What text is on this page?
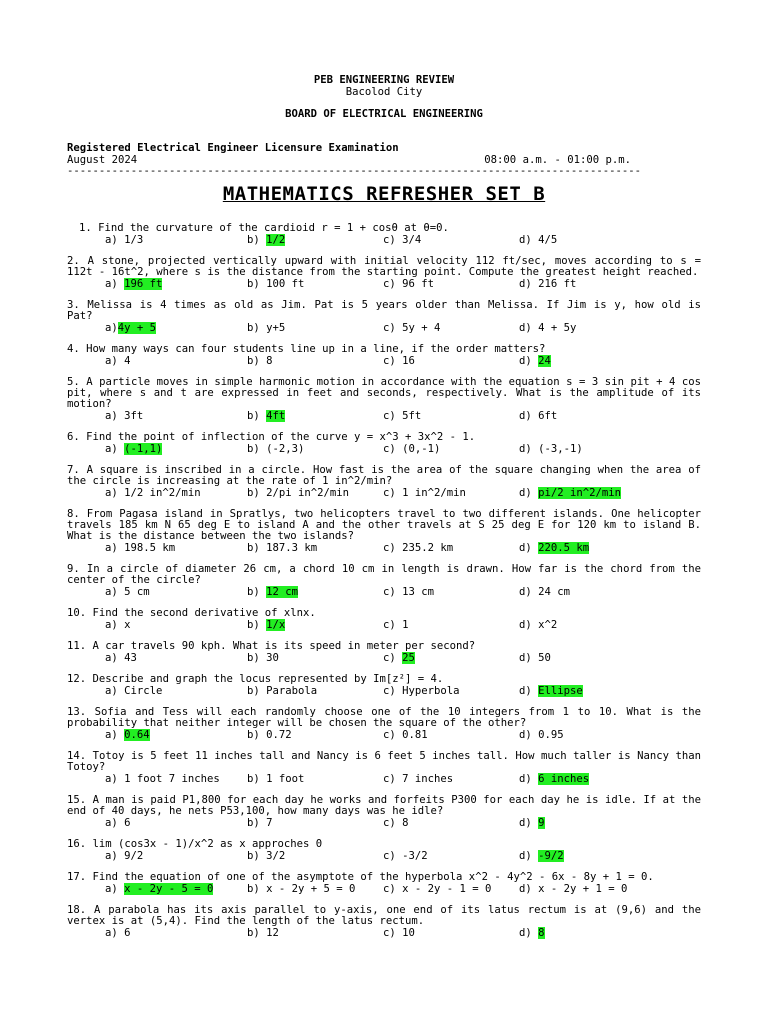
PEB ENGINEERING REVIEW
Bacolod City
BOARD OF ELECTRICAL ENGINEERING
Registered Electrical Engineer Licensure Examination
August 2024	08:00 a.m. - 01:00 p.m.
------------------------------------------------------------------------------------------
MATHEMATICS REFRESHER SET B
1. Find the curvature of the cardioid r = 1 + cosθ at θ=0.
a) 1/3	b) 1/2	c) 3/4	d) 4/5
2. A stone, projected vertically upward with initial velocity 112 ft/sec, moves according to s = 112t - 16t^2, where s is the distance from the starting point. Compute the greatest height reached.
a) 196 ft	b) 100 ft	c) 96 ft	d) 216 ft
3. Melissa is 4 times as old as Jim. Pat is 5 years older than Melissa. If Jim is y, how old is Pat?
a)4y + 5	b) y+5	c) 5y + 4	d) 4 + 5y
4. How many ways can four students line up in a line, if the order matters?
a) 4	b) 8	c) 16	d) 24
5. A particle moves in simple harmonic motion in accordance with the equation s = 3 sin pit + 4 cos pit, where s and t are expressed in feet and seconds, respectively. What is the amplitude of its motion?
a) 3ft	b) 4ft	c) 5ft	d) 6ft
6. Find the point of inflection of the curve y = x^3 + 3x^2 - 1.
a) (-1,1)	b) (-2,3)	c) (0,-1)	d) (-3,-1)
7. A square is inscribed in a circle. How fast is the area of the square changing when the area of the circle is increasing at the rate of 1 in^2/min?
a) 1/2 in^2/min	b) 2/pi in^2/min	c) 1 in^2/min	d) pi/2 in^2/min
8. From Pagasa island in Spratlys, two helicopters travel to two different islands. One helicopter travels 185 km N 65 deg E to island A and the other travels at S 25 deg E for 120 km to island B. What is the distance between the two islands?
a) 198.5 km	b) 187.3 km	c) 235.2 km	d) 220.5 km
9. In a circle of diameter 26 cm, a chord 10 cm in length is drawn. How far is the chord from the center of the circle?
a) 5 cm	b) 12 cm	c) 13 cm	d) 24 cm
10. Find the second derivative of xlnx.
a) x	b) 1/x	c) 1	d) x^2
11. A car travels 90 kph. What is its speed in meter per second?
a) 43	b) 30	c) 25	d) 50
12. Describe and graph the locus represented by Im[z²] = 4.
a) Circle	b) Parabola	c) Hyperbola	d) Ellipse
13. Sofia and Tess will each randomly choose one of the 10 integers from 1 to 10. What is the probability that neither integer will be chosen the square of the other?
a) 0.64	b) 0.72	c) 0.81	d) 0.95
14. Totoy is 5 feet 11 inches tall and Nancy is 6 feet 5 inches tall. How much taller is Nancy than Totoy?
a) 1 foot 7 inches	b) 1 foot	c) 7 inches	d) 6 inches
15. A man is paid P1,800 for each day he works and forfeits P300 for each day he is idle. If at the end of 40 days, he nets P53,100, how many days was he idle?
a) 6	b) 7	c) 8	d) 9
16. lim (cos3x - 1)/x^2 as x approches 0
a) 9/2	b) 3/2	c) -3/2	d) -9/2
17. Find the equation of one of the asymptote of the hyperbola x^2 - 4y^2 - 6x - 8y + 1 = 0.
a) x - 2y - 5 = 0	b) x - 2y + 5 = 0	c) x - 2y - 1 = 0	d) x - 2y + 1 = 0
18. A parabola has its axis parallel to y-axis, one end of its latus rectum is at (9,6) and the vertex is at (5,4). Find the length of the latus rectum.
a) 6	b) 12	c) 10	d) 8
